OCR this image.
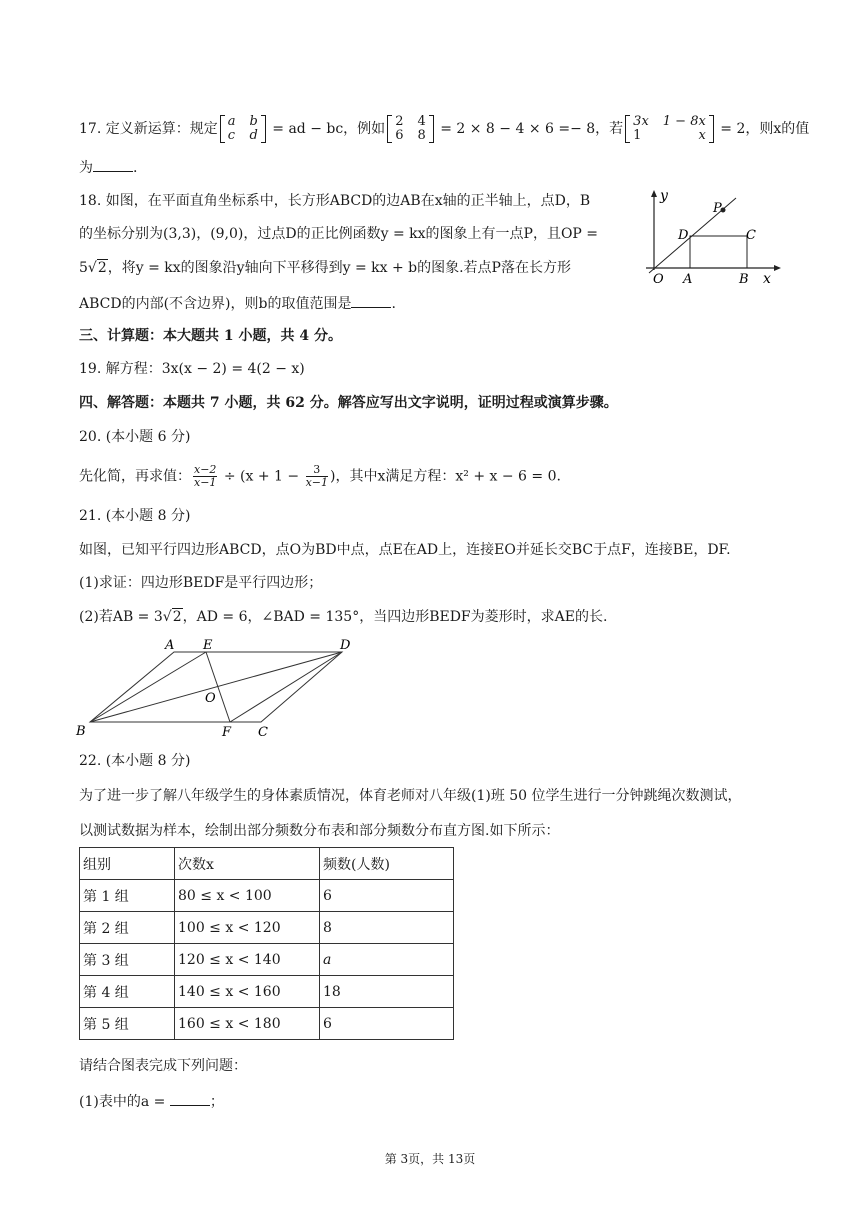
17. 定义新运算：规定 a b
c d = ad − bc，例如 2 4
6 8 = 2 × 8 − 4 × 6 =− 8，若 3x 1 − 8x
1	x = 2，则x的值
为	.
18. 如图，在平面直角坐标系中，长方形ABCD的边AB在x轴的正半轴上，点D，B
的坐标分别为(3,3)，(9,0)，过点D的正比例函数y = kx的图象上有一点P，且OP =
5√2，将y = kx的图象沿y轴向下平移得到y = kx + b的图象.若点P落在长方形
ABCD的内部(不含边界)，则b的取值范围是	.
y
x
O A	B
C
D
P
三、计算题：本大题共 1 小题，共 4 分。
19. 解方程：3x(x − 2) = 4(2 − x)
四、解答题：本题共 7 小题，共 62 分。解答应写出文字说明，证明过程或演算步骤。
20. (本小题 6 分)
先化简，再求值： $\frac{x-2}{x-1} \div (x + 1 - \frac{3}{x-1}$ )，其中x满足方程：x² + x − 6 = 0.
21. (本小题 8 分)
如图，已知平行四边形ABCD，点O为BD中点，点E在AD上，连接EO并延长交BC于点F，连接BE，DF.
(1)求证：四边形BEDF是平行四边形；
(2)若AB = 3√2，AD = 6，∠BAD = 135°，当四边形BEDF为菱形时，求AE的长.
A E	D
O
B	F C
22. (本小题 8 分)
为了进一步了解八年级学生的身体素质情况，体育老师对八年级(1)班 50 位学生进行一分钟跳绳次数测试，
以测试数据为样本，绘制出部分频数分布表和部分频数分布直方图.如下所示：
组别	次数x	频数(人数)
第 1 组	80 ≤ x < 100	6
第 2 组	100 ≤ x < 120	8
第 3 组	120 ≤ x < 140	a
第 4 组	140 ≤ x < 160	18
第 5 组	160 ≤ x < 180	6
请结合图表完成下列问题：
(1)表中的a =	；
第 3页，共 13页
